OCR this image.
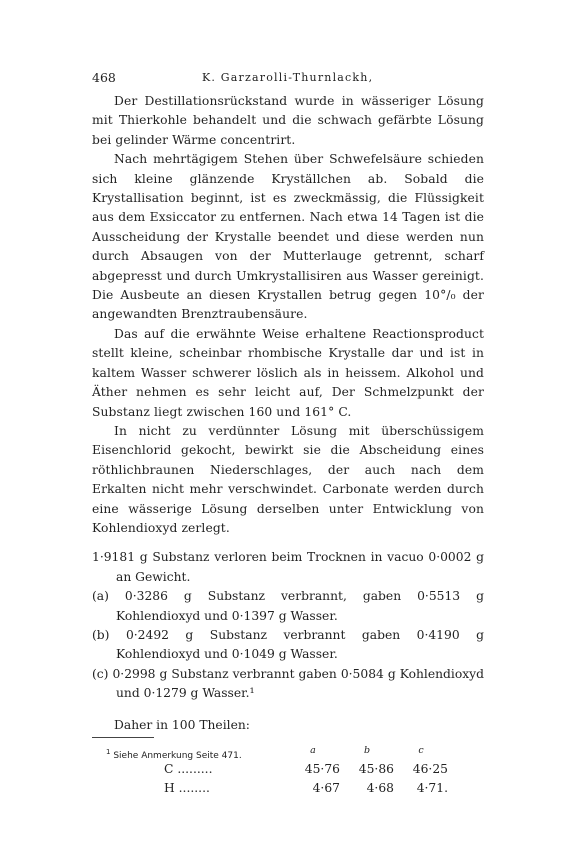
468	K. Garzarolli-Thurnlackh,

Der Destillationsrückstand wurde in wässeriger Lösung mit Thierkohle behandelt und die schwach gefärbte Lösung bei gelinder Wärme concentrirt.

Nach mehrtägigem Stehen über Schwefelsäure schieden sich kleine glänzende Kryställchen ab. Sobald die Krystallisation beginnt, ist es zweckmässig, die Flüssigkeit aus dem Exsiccator zu entfernen. Nach etwa 14 Tagen ist die Ausscheidung der Krystalle beendet und diese werden nun durch Absaugen von der Mutterlauge getrennt, scharf abgepresst und durch Umkrystallisiren aus Wasser gereinigt. Die Ausbeute an diesen Krystallen betrug gegen 10°/₀ der angewandten Brenztraubensäure.

Das auf die erwähnte Weise erhaltene Reactionsproduct stellt kleine, scheinbar rhombische Krystalle dar und ist in kaltem Wasser schwerer löslich als in heissem. Alkohol und Äther nehmen es sehr leicht auf, Der Schmelzpunkt der Substanz liegt zwischen 160 und 161° C.

In nicht zu verdünnter Lösung mit überschüssigem Eisenchlorid gekocht, bewirkt sie die Abscheidung eines röthlichbraunen Niederschlages, der auch nach dem Erkalten nicht mehr verschwindet. Carbonate werden durch eine wässerige Lösung derselben unter Entwicklung von Kohlendioxyd zerlegt.

1·9181 g Substanz verloren beim Trocknen in vacuo 0·0002 g an Gewicht.

(a) 0·3286 g Substanz verbrannt, gaben 0·5513 g Kohlendioxyd und 0·1397 g Wasser.

(b) 0·2492 g Substanz verbrannt gaben 0·4190 g Kohlendioxyd und 0·1049 g Wasser.

(c) 0·2998 g Substanz verbrannt gaben 0·5084 g Kohlendioxyd und 0·1279 g Wasser.¹

Daher in 100 Theilen:

	a	b	c
C .........	45·76	45·86	46·25
H ........	4·67	4·68	4·71.
$^1$ Siehe Anmerkung Seite 471.
